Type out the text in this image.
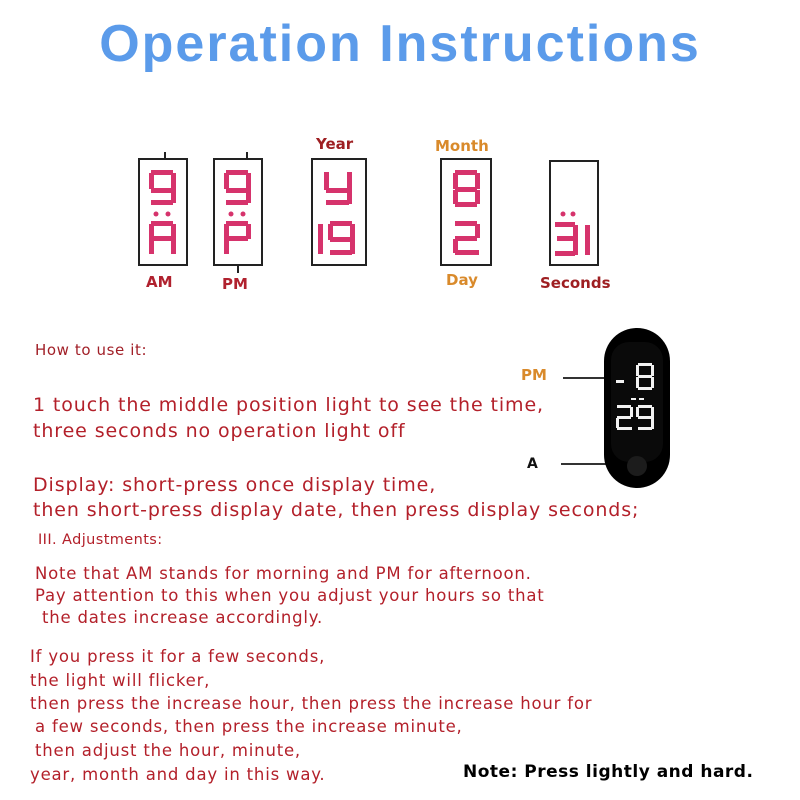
Operation Instructions
AM	PM
Year	Month
Day	Seconds
How to use it:
1 touch the middle position light to see the time,
three seconds no operation light off
Display: short-press once display time,
then short-press display date, then press display seconds;
III. Adjustments:
Note that AM stands for morning and PM for afternoon.
Pay attention to this when you adjust your hours so that
the dates increase accordingly.
If you press it for a few seconds,
the light will flicker,
then press the increase hour, then press the increase hour for
a few seconds, then press the increase minute,
then adjust the hour, minute,
year, month and day in this way.	Note: Press lightly and hard.
PM
A
